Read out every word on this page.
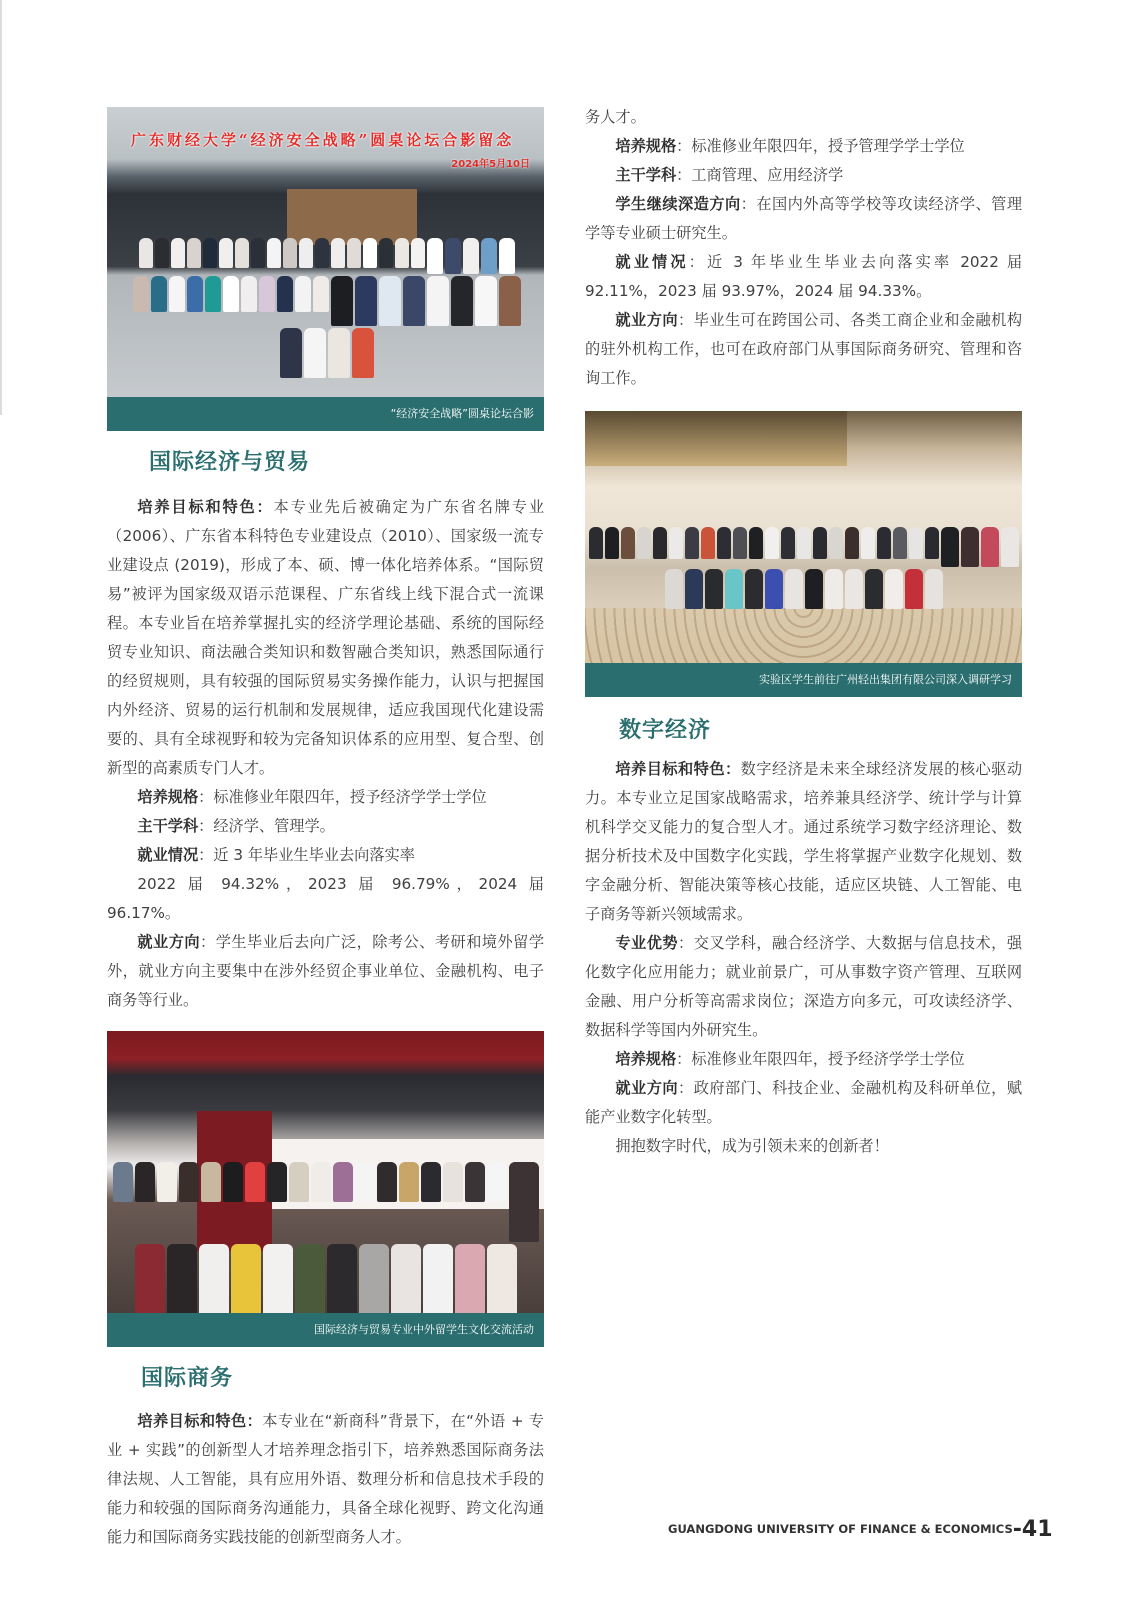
广东财经大学“经济安全战略”圆桌论坛合影留念
2024年5月10日
“经济安全战略”圆桌论坛合影
国际经济与贸易

培养目标和特色：本专业先后被确定为广东省名牌专业（2006）、广东省本科特色专业建设点（2010）、国家级一流专业建设点 (2019)，形成了本、硕、博一体化培养体系。“国际贸易”被评为国家级双语示范课程、广东省线上线下混合式一流课程。本专业旨在培养掌握扎实的经济学理论基础、系统的国际经贸专业知识、商法融合类知识和数智融合类知识，熟悉国际通行的经贸规则，具有较强的国际贸易实务操作能力，认识与把握国内外经济、贸易的运行机制和发展规律，适应我国现代化建设需要的、具有全球视野和较为完备知识体系的应用型、复合型、创新型的高素质专门人才。

培养规格：标准修业年限四年，授予经济学学士学位

主干学科：经济学、管理学。

就业情况：近 3 年毕业生毕业去向落实率

2022 届 94.32%，2023 届 96.79%，2024 届 96.17%。

就业方向：学生毕业后去向广泛，除考公、考研和境外留学外，就业方向主要集中在涉外经贸企事业单位、金融机构、电子商务等行业。

国际经济与贸易专业中外留学生文化交流活动
国际商务

培养目标和特色：本专业在“新商科”背景下，在“外语 + 专业 + 实践”的创新型人才培养理念指引下，培养熟悉国际商务法律法规、人工智能，具有应用外语、数理分析和信息技术手段的能力和较强的国际商务沟通能力，具备全球化视野、跨文化沟通能力和国际商务实践技能的创新型商务人才。

务人才。

培养规格：标准修业年限四年，授予管理学学士学位

主干学科：工商管理、应用经济学

学生继续深造方向：在国内外高等学校等攻读经济学、管理学等专业硕士研究生。

就业情况：近 3 年毕业生毕业去向落实率 2022 届 92.11%，2023 届 93.97%，2024 届 94.33%。

就业方向：毕业生可在跨国公司、各类工商企业和金融机构的驻外机构工作，也可在政府部门从事国际商务研究、管理和咨询工作。

实验区学生前往广州轻出集团有限公司深入调研学习
数字经济

培养目标和特色：数字经济是未来全球经济发展的核心驱动力。本专业立足国家战略需求，培养兼具经济学、统计学与计算机科学交叉能力的复合型人才。通过系统学习数字经济理论、数据分析技术及中国数字化实践，学生将掌握产业数字化规划、数字金融分析、智能决策等核心技能，适应区块链、人工智能、电子商务等新兴领域需求。

专业优势：交叉学科，融合经济学、大数据与信息技术，强化数字化应用能力；就业前景广，可从事数字资产管理、互联网金融、用户分析等高需求岗位；深造方向多元，可攻读经济学、数据科学等国内外研究生。

培养规格：标准修业年限四年，授予经济学学士学位

就业方向：政府部门、科技企业、金融机构及科研单位，赋能产业数字化转型。

拥抱数字时代，成为引领未来的创新者！

GUANGDONG UNIVERSITY OF FINANCE & ECONOMICS-41
